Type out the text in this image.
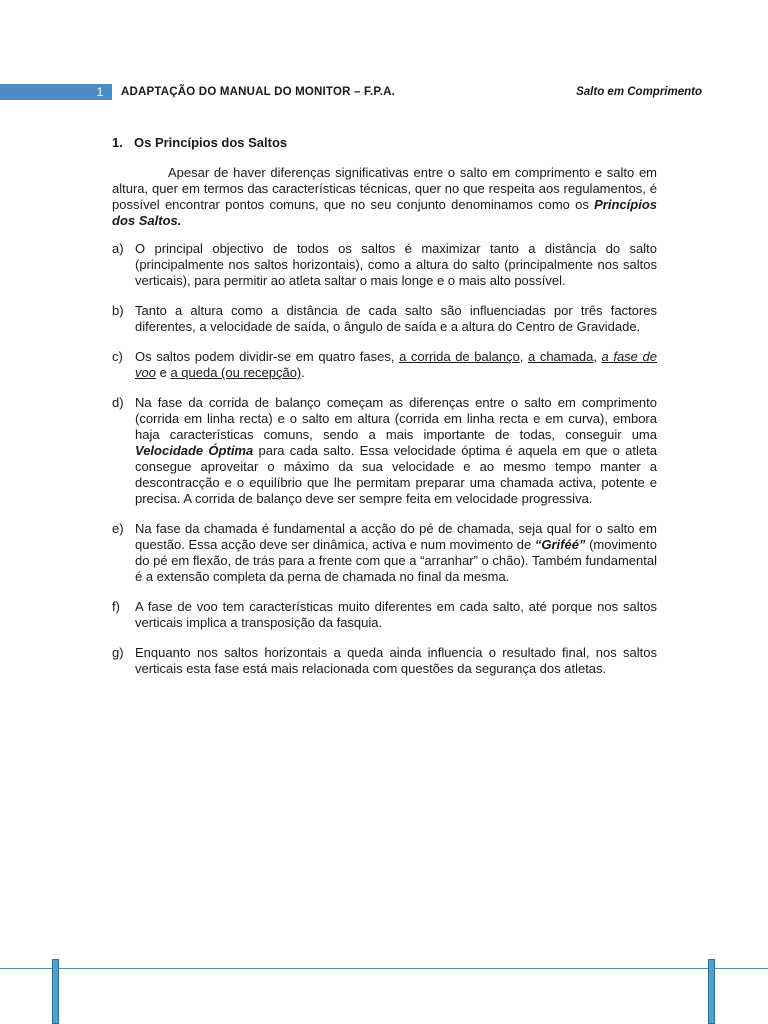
1 ADAPTAÇÃO DO MANUAL DO MONITOR – F.P.A.	Salto em Comprimento
1. Os Princípios dos Saltos

Apesar de haver diferenças significativas entre o salto em comprimento e salto em altura, quer em termos das características técnicas, quer no que respeita aos regulamentos, é possível encontrar pontos comuns, que no seu conjunto denominamos como os Princípios dos Saltos.

a) O principal objectivo de todos os saltos é maximizar tanto a distância do salto (principalmente nos saltos horizontais), como a altura do salto (principalmente nos saltos verticais), para permitir ao atleta saltar o mais longe e o mais alto possível.
b) Tanto a altura como a distância de cada salto são influenciadas por três factores diferentes, a velocidade de saída, o ângulo de saída e a altura do Centro de Gravidade.
c) Os saltos podem dividir-se em quatro fases, a corrida de balanço, a chamada, a fase de voo e a queda (ou recepção).
d) Na fase da corrida de balanço começam as diferenças entre o salto em comprimento (corrida em linha recta) e o salto em altura (corrida em linha recta e em curva), embora haja características comuns, sendo a mais importante de todas, conseguir uma Velocidade Óptima para cada salto. Essa velocidade óptima é aquela em que o atleta consegue aproveitar o máximo da sua velocidade e ao mesmo tempo manter a descontracção e o equilíbrio que lhe permitam preparar uma chamada activa, potente e precisa. A corrida de balanço deve ser sempre feita em velocidade progressiva.
e) Na fase da chamada é fundamental a acção do pé de chamada, seja qual for o salto em questão. Essa acção deve ser dinâmica, activa e num movimento de “Griféé” (movimento do pé em flexão, de trás para a frente com que a “arranhar” o chão). Também fundamental é a extensão completa da perna de chamada no final da mesma.
f)	A fase de voo tem características muito diferentes em cada salto, até porque nos saltos verticais implica a transposição da fasquia.
g) Enquanto nos saltos horizontais a queda ainda influencia o resultado final, nos saltos verticais esta fase está mais relacionada com questões da segurança dos atletas.
